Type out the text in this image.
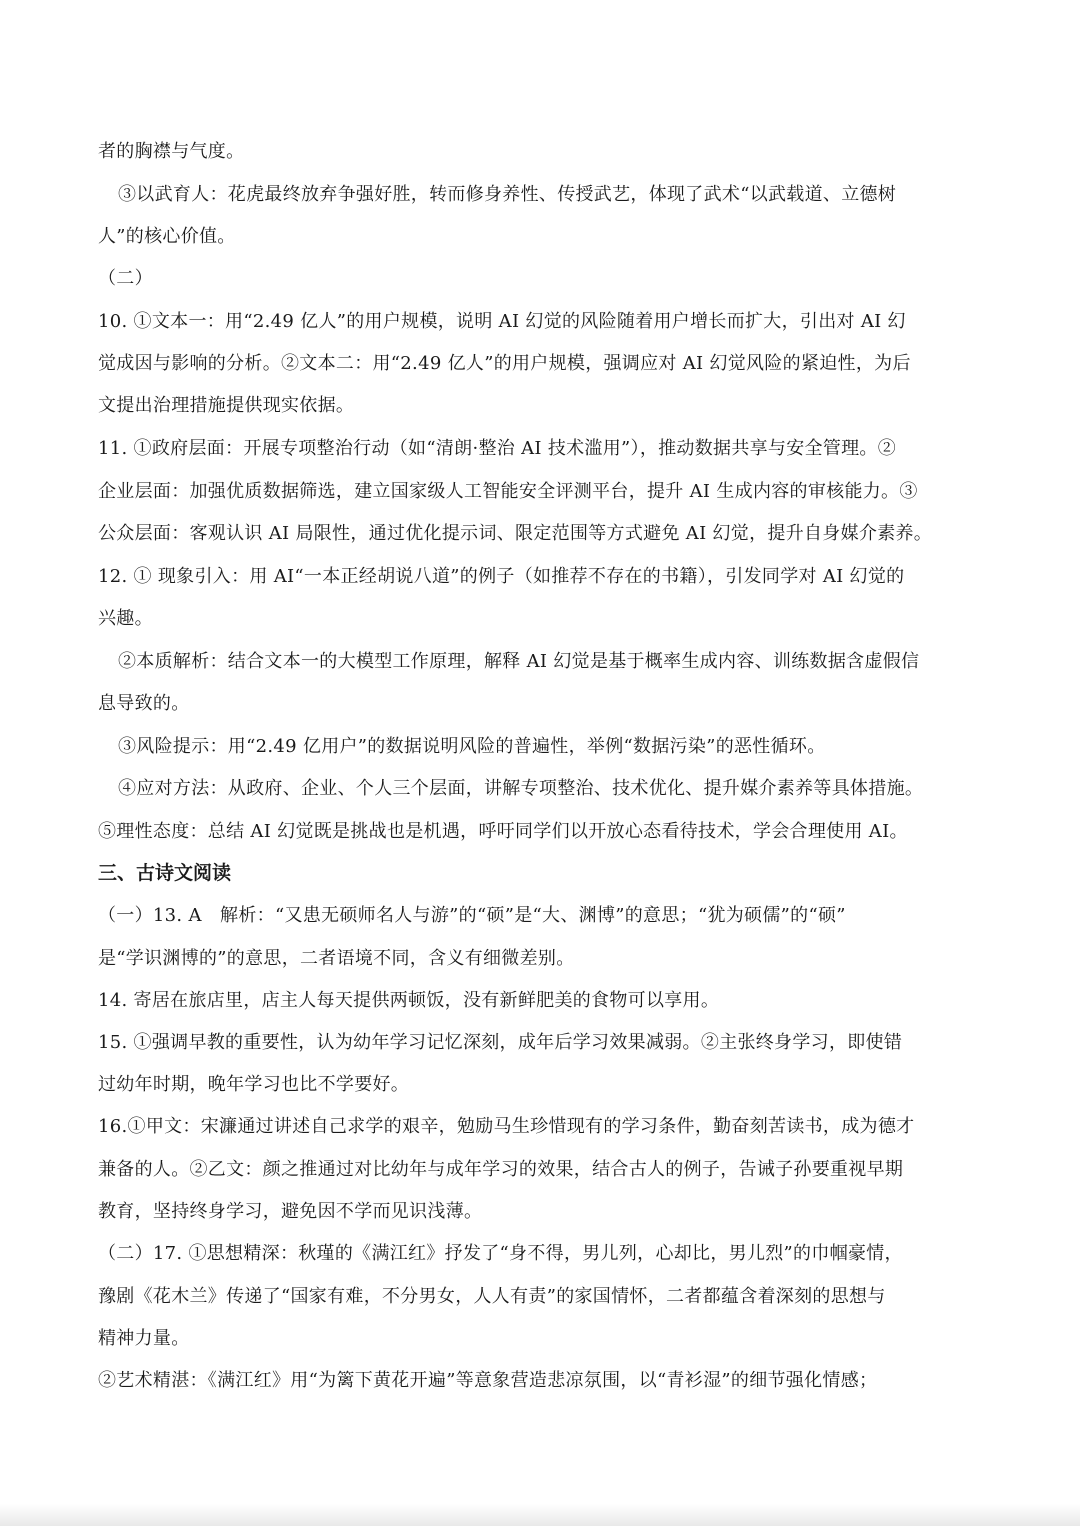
者的胸襟与气度。
③以武育人：花虎最终放弃争强好胜，转而修身养性、传授武艺，体现了武术“以武载道、立德树
人”的核心价值。
（二）
10. ①文本一：用“2.49 亿人”的用户规模，说明 AI 幻觉的风险随着用户增长而扩大，引出对 AI 幻
觉成因与影响的分析。②文本二：用“2.49 亿人”的用户规模，强调应对 AI 幻觉风险的紧迫性，为后
文提出治理措施提供现实依据。
11. ①政府层面：开展专项整治行动（如“清朗·整治 AI 技术滥用”），推动数据共享与安全管理。②
企业层面：加强优质数据筛选，建立国家级人工智能安全评测平台，提升 AI 生成内容的审核能力。③
公众层面：客观认识 AI 局限性，通过优化提示词、限定范围等方式避免 AI 幻觉，提升自身媒介素养。
12. ① 现象引入：用 AI“一本正经胡说八道”的例子（如推荐不存在的书籍），引发同学对 AI 幻觉的
兴趣。
②本质解析：结合文本一的大模型工作原理，解释 AI 幻觉是基于概率生成内容、训练数据含虚假信
息导致的。
③风险提示：用“2.49 亿用户”的数据说明风险的普遍性，举例“数据污染”的恶性循环。
④应对方法：从政府、企业、个人三个层面，讲解专项整治、技术优化、提升媒介素养等具体措施。
⑤理性态度：总结 AI 幻觉既是挑战也是机遇，呼吁同学们以开放心态看待技术，学会合理使用 AI。
三、古诗文阅读
（一）13. A　解析：“又患无硕师名人与游”的“硕”是“大、渊博”的意思；“犹为硕儒”的“硕”
是“学识渊博的”的意思，二者语境不同，含义有细微差别。
14. 寄居在旅店里，店主人每天提供两顿饭，没有新鲜肥美的食物可以享用。
15. ①强调早教的重要性，认为幼年学习记忆深刻，成年后学习效果减弱。②主张终身学习，即使错
过幼年时期，晚年学习也比不学要好。
16.①甲文：宋濂通过讲述自己求学的艰辛，勉励马生珍惜现有的学习条件，勤奋刻苦读书，成为德才
兼备的人。②乙文：颜之推通过对比幼年与成年学习的效果，结合古人的例子，告诫子孙要重视早期
教育，坚持终身学习，避免因不学而见识浅薄。
（二）17. ①思想精深：秋瑾的《满江红》抒发了“身不得，男儿列，心却比，男儿烈”的巾帼豪情，
豫剧《花木兰》传递了“国家有难，不分男女，人人有责”的家国情怀，二者都蕴含着深刻的思想与
精神力量。
②艺术精湛：《满江红》用“为篱下黄花开遍”等意象营造悲凉氛围，以“青衫湿”的细节强化情感；
